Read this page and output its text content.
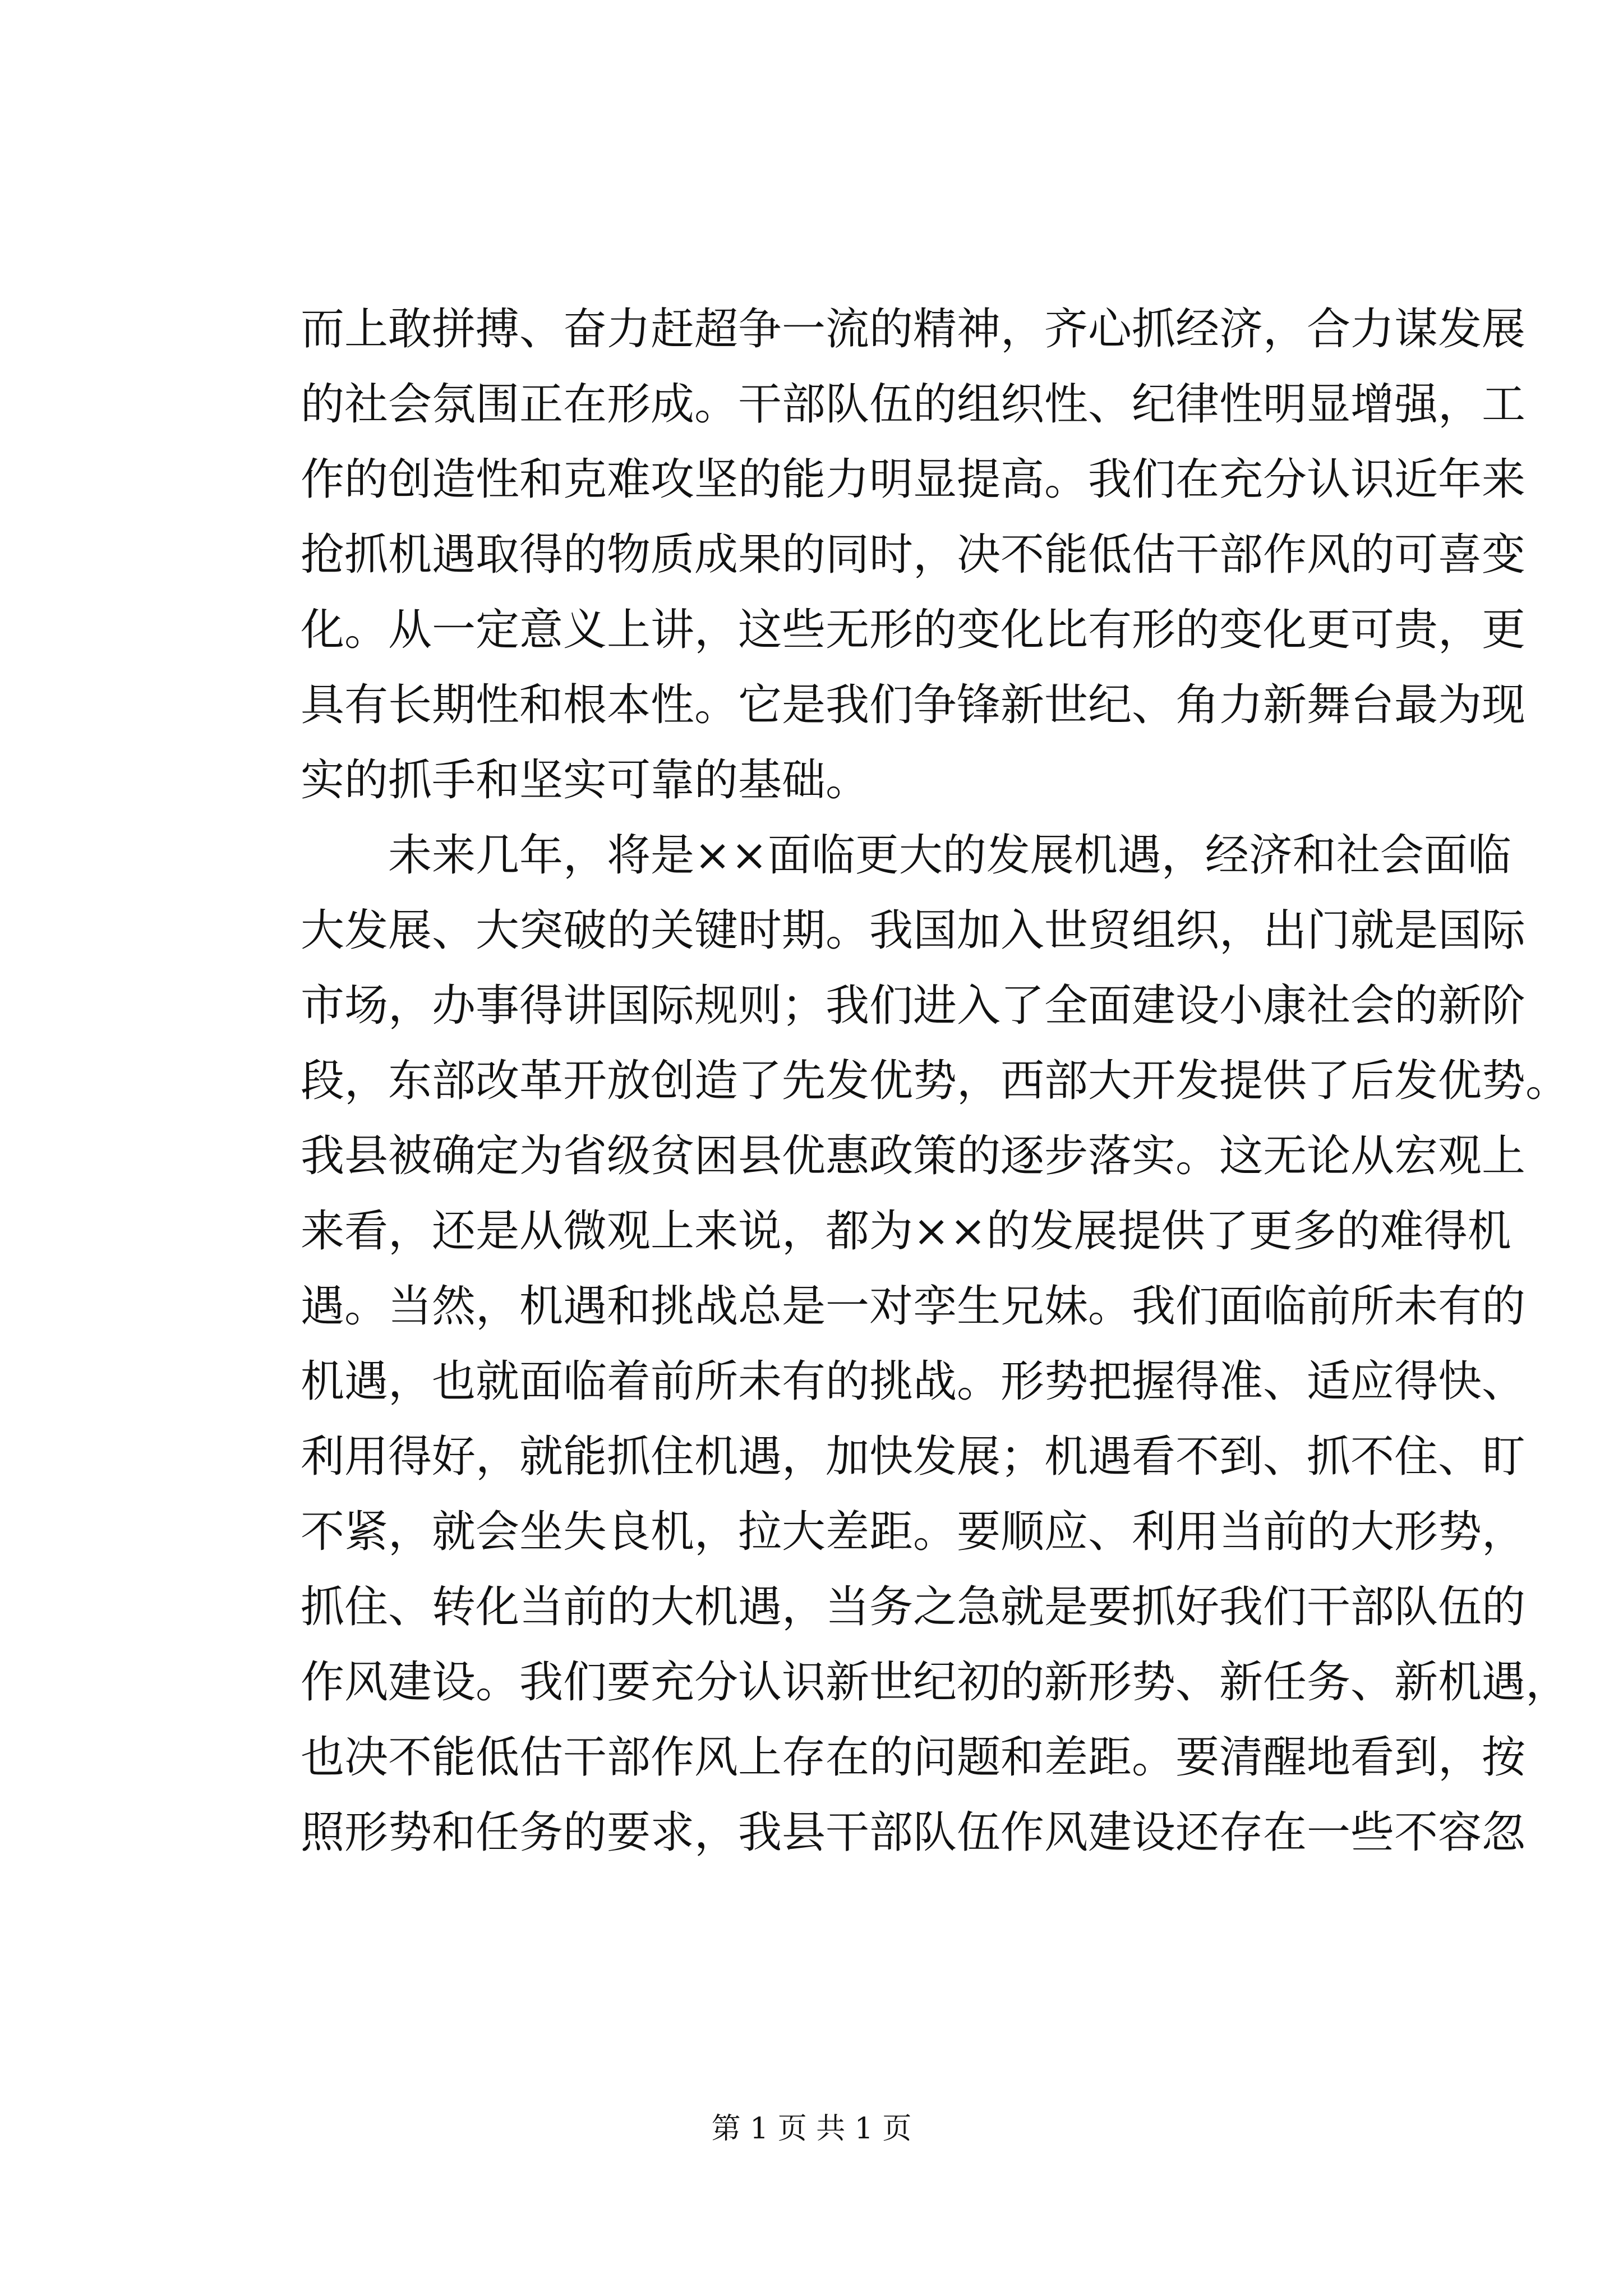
而上敢拼搏、奋力赶超争一流的精神，齐心抓经济，合力谋发展
的社会氛围正在形成。干部队伍的组织性、纪律性明显增强，工
作的创造性和克难攻坚的能力明显提高。我们在充分认识近年来
抢抓机遇取得的物质成果的同时，决不能低估干部作风的可喜变
化。从一定意义上讲，这些无形的变化比有形的变化更可贵，更
具有长期性和根本性。它是我们争锋新世纪、角力新舞台最为现
实的抓手和坚实可靠的基础。
　　未来几年，将是××面临更大的发展机遇，经济和社会面临
大发展、大突破的关键时期。我国加入世贸组织，出门就是国际
市场，办事得讲国际规则；我们进入了全面建设小康社会的新阶
段，东部改革开放创造了先发优势，西部大开发提供了后发优势。
我县被确定为省级贫困县优惠政策的逐步落实。这无论从宏观上
来看，还是从微观上来说，都为××的发展提供了更多的难得机
遇。当然，机遇和挑战总是一对孪生兄妹。我们面临前所未有的
机遇，也就面临着前所未有的挑战。形势把握得准、适应得快、
利用得好，就能抓住机遇，加快发展；机遇看不到、抓不住、盯
不紧，就会坐失良机，拉大差距。要顺应、利用当前的大形势，
抓住、转化当前的大机遇，当务之急就是要抓好我们干部队伍的
作风建设。我们要充分认识新世纪初的新形势、新任务、新机遇，
也决不能低估干部作风上存在的问题和差距。要清醒地看到，按
照形势和任务的要求，我县干部队伍作风建设还存在一些不容忽
第 1 页 共 1 页
